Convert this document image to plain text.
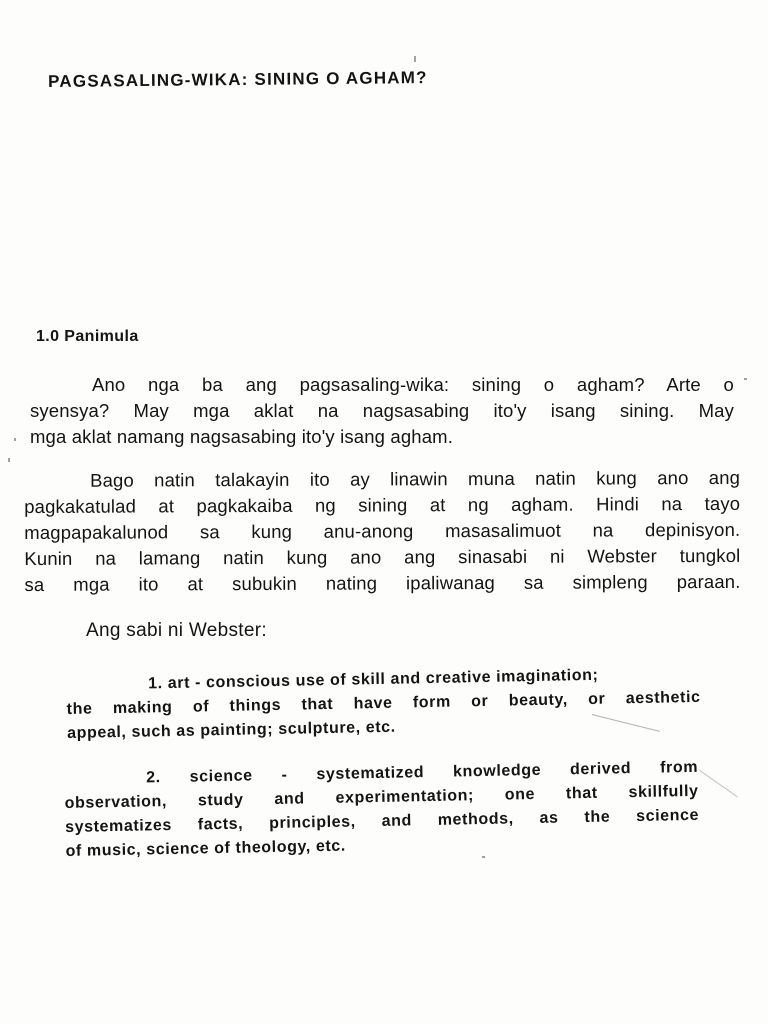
PAGSASALING-WIKA: SINING O AGHAM?
1.0 Panimula
Ano nga ba ang pagsasaling-wika: sining o agham? Arte o
syensya? May mga aklat na nagsasabing ito'y isang sining. May
mga aklat namang nagsasabing ito'y isang agham.
Bago natin talakayin ito ay linawin muna natin kung ano ang
pagkakatulad at pagkakaiba ng sining at ng agham. Hindi na tayo
magpapakalunod sa kung anu-anong masasalimuot na depinisyon.
Kunin na lamang natin kung ano ang sinasabi ni Webster tungkol
sa mga ito at subukin nating ipaliwanag sa simpleng paraan.
Ang sabi ni Webster:
1. art - conscious use of skill and creative imagination;
the making of things that have form or beauty, or aesthetic
appeal, such as painting; sculpture, etc.
2. science - systematized knowledge derived from
observation, study and experimentation; one that skillfully
systematizes facts, principles, and methods, as the science
of music, science of theology, etc.
